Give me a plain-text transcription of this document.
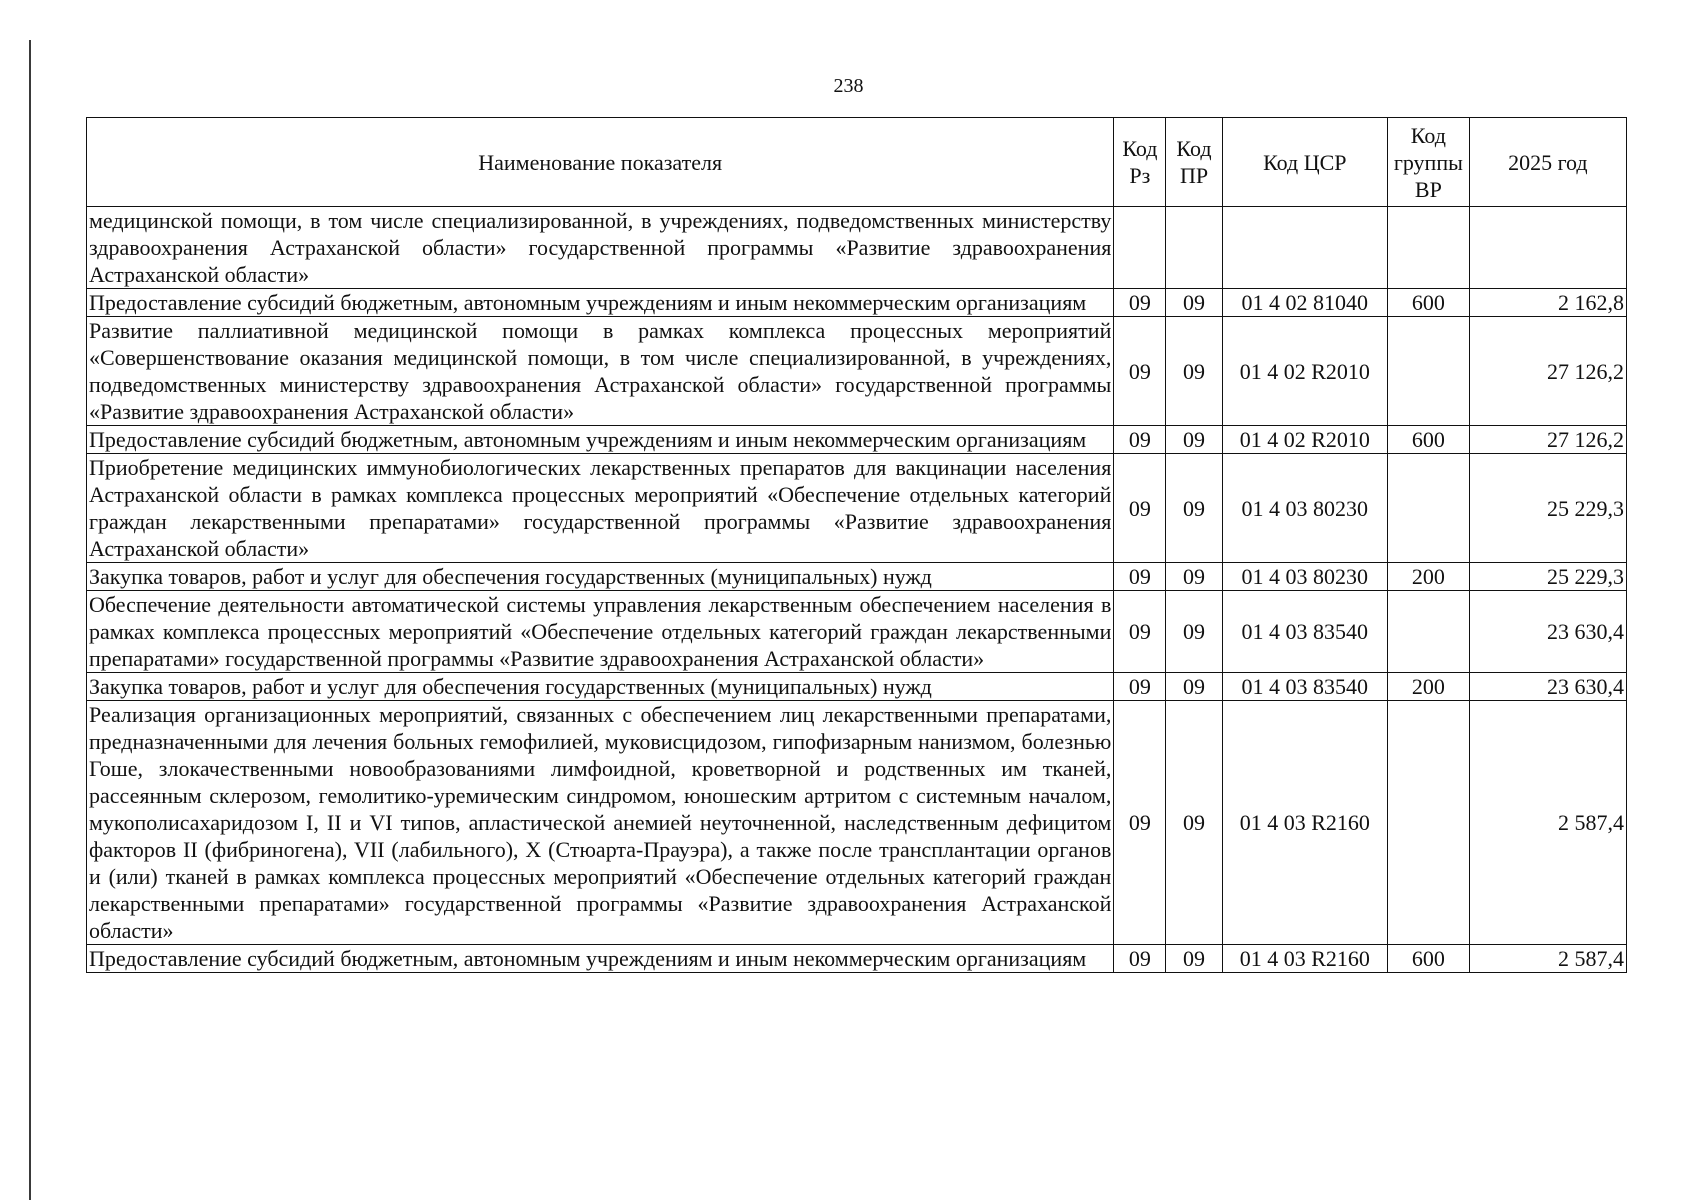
238
Наименование показателя	Код Рз	Код ПР	Код ЦСР	Код группы ВР	2025 год
медицинской помощи, в том числе специализированной, в учреждениях, подведомственных министерству здравоохранения Астраханской области» государственной программы «Развитие здравоохранения Астраханской области»					
Предоставление субсидий бюджетным, автономным учреждениям и иным некоммерческим организациям	09	09	01 4 02 81040	600	2 162,8
Развитие паллиативной медицинской помощи в рамках комплекса процессных мероприятий «Совершенствование оказания медицинской помощи, в том числе специализированной, в учреждениях, подведомственных министерству здравоохранения Астраханской области» государственной программы «Развитие здравоохранения Астраханской области»	09	09	01 4 02 R2010		27 126,2
Предоставление субсидий бюджетным, автономным учреждениям и иным некоммерческим организациям	09	09	01 4 02 R2010	600	27 126,2
Приобретение медицинских иммунобиологических лекарственных препаратов для вакцинации населения Астраханской области в рамках комплекса процессных мероприятий «Обеспечение отдельных категорий граждан лекарственными препаратами» государственной программы «Развитие здравоохранения Астраханской области»	09	09	01 4 03 80230		25 229,3
Закупка товаров, работ и услуг для обеспечения государственных (муниципальных) нужд	09	09	01 4 03 80230	200	25 229,3
Обеспечение деятельности автоматической системы управления лекарственным обеспечением населения в рамках комплекса процессных мероприятий «Обеспечение отдельных категорий граждан лекарственными препаратами» государственной программы «Развитие здравоохранения Астраханской области»	09	09	01 4 03 83540		23 630,4
Закупка товаров, работ и услуг для обеспечения государственных (муниципальных) нужд	09	09	01 4 03 83540	200	23 630,4
Реализация организационных мероприятий, связанных с обеспечением лиц лекарственными препаратами, предназначенными для лечения больных гемофилией, муковисцидозом, гипофизарным нанизмом, болезнью Гоше, злокачественными новообразованиями лимфоидной, кроветворной и родственных им тканей, рассеянным склерозом, гемолитико-уремическим синдромом, юношеским артритом с системным началом, мукополисахаридозом I, II и VI типов, апластической анемией неуточненной, наследственным дефицитом факторов II (фибриногена), VII (лабильного), X (Стюарта-Прауэра), а также после трансплантации органов и (или) тканей в рамках комплекса процессных мероприятий «Обеспечение отдельных категорий граждан лекарственными препаратами» государственной программы «Развитие здравоохранения Астраханской области»	09	09	01 4 03 R2160		2 587,4
Предоставление субсидий бюджетным, автономным учреждениям и иным некоммерческим организациям	09	09	01 4 03 R2160	600	2 587,4
